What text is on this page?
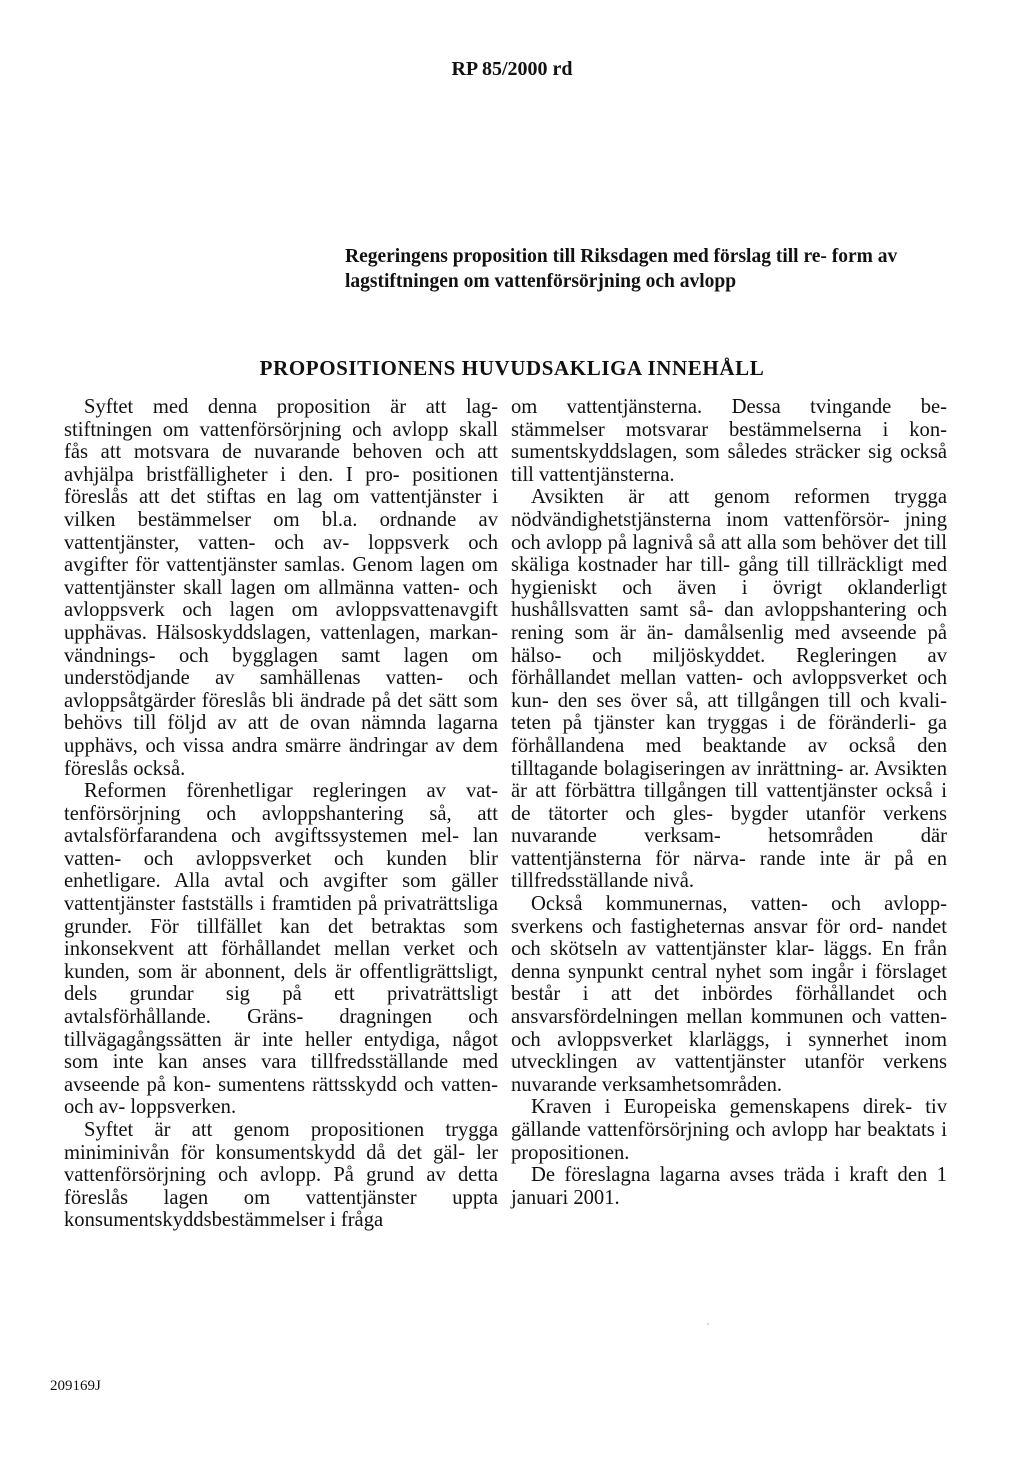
RP 85/2000 rd
Regeringens proposition till Riksdagen med förslag till re- form av lagstiftningen om vattenförsörjning och avlopp
PROPOSITIONENS HUVUDSAKLIGA INNEHÅLL

Syftet med denna proposition är att lag- stiftningen om vattenförsörjning och avlopp skall fås att motsvara de nuvarande behoven och att avhjälpa bristfälligheter i den. I pro- positionen föreslås att det stiftas en lag om vattentjänster i vilken bestämmelser om bl.a. ordnande av vattentjänster, vatten- och av- loppsverk och avgifter för vattentjänster samlas. Genom lagen om vattentjänster skall lagen om allmänna vatten- och avloppsverk och lagen om avloppsvattenavgift upphävas. Hälsoskyddslagen, vattenlagen, markan- vändnings- och bygglagen samt lagen om understödjande av samhällenas vatten- och avloppsåtgärder föreslås bli ändrade på det sätt som behövs till följd av att de ovan nämnda lagarna upphävs, och vissa andra smärre ändringar av dem föreslås också.

Reformen förenhetligar regleringen av vat- tenförsörjning och avloppshantering så, att avtalsförfarandena och avgiftssystemen mel- lan vatten- och avloppsverket och kunden blir enhetligare. Alla avtal och avgifter som gäller vattentjänster fastställs i framtiden på privaträttsliga grunder. För tillfället kan det betraktas som inkonsekvent att förhållandet mellan verket och kunden, som är abonnent, dels är offentligrättsligt, dels grundar sig på ett privaträttsligt avtalsförhållande. Gräns- dragningen och tillvägagångssätten är inte heller entydiga, något som inte kan anses vara tillfredsställande med avseende på kon- sumentens rättsskydd och vatten- och av- loppsverken.

Syftet är att genom propositionen trygga miniminivån för konsumentskydd då det gäl- ler vattenförsörjning och avlopp. På grund av detta föreslås lagen om vattentjänster uppta konsumentskyddsbestämmelser i fråga

om vattentjänsterna. Dessa tvingande be- stämmelser motsvarar bestämmelserna i kon- sumentskyddslagen, som således sträcker sig också till vattentjänsterna.

Avsikten är att genom reformen trygga nödvändighetstjänsterna inom vattenförsör- jning och avlopp på lagnivå så att alla som behöver det till skäliga kostnader har till- gång till tillräckligt med hygieniskt och även i övrigt oklanderligt hushållsvatten samt så- dan avloppshantering och rening som är än- damålsenlig med avseende på hälso- och miljöskyddet. Regleringen av förhållandet mellan vatten- och avloppsverket och kun- den ses över så, att tillgången till och kvali- teten på tjänster kan tryggas i de föränderli- ga förhållandena med beaktande av också den tilltagande bolagiseringen av inrättning- ar. Avsikten är att förbättra tillgången till vattentjänster också i de tätorter och gles- bygder utanför verkens nuvarande verksam- hetsområden där vattentjänsterna för närva- rande inte är på en tillfredsställande nivå.

Också kommunernas, vatten- och avlopp- sverkens och fastigheternas ansvar för ord- nandet och skötseln av vattentjänster klar- läggs. En från denna synpunkt central nyhet som ingår i förslaget består i att det inbördes förhållandet och ansvarsfördelningen mellan kommunen och vatten- och avloppsverket klarläggs, i synnerhet inom utvecklingen av vattentjänster utanför verkens nuvarande verksamhetsområden.

Kraven i Europeiska gemenskapens direk- tiv gällande vattenförsörjning och avlopp har beaktats i propositionen.

De föreslagna lagarna avses träda i kraft den 1 januari 2001.

209169J
